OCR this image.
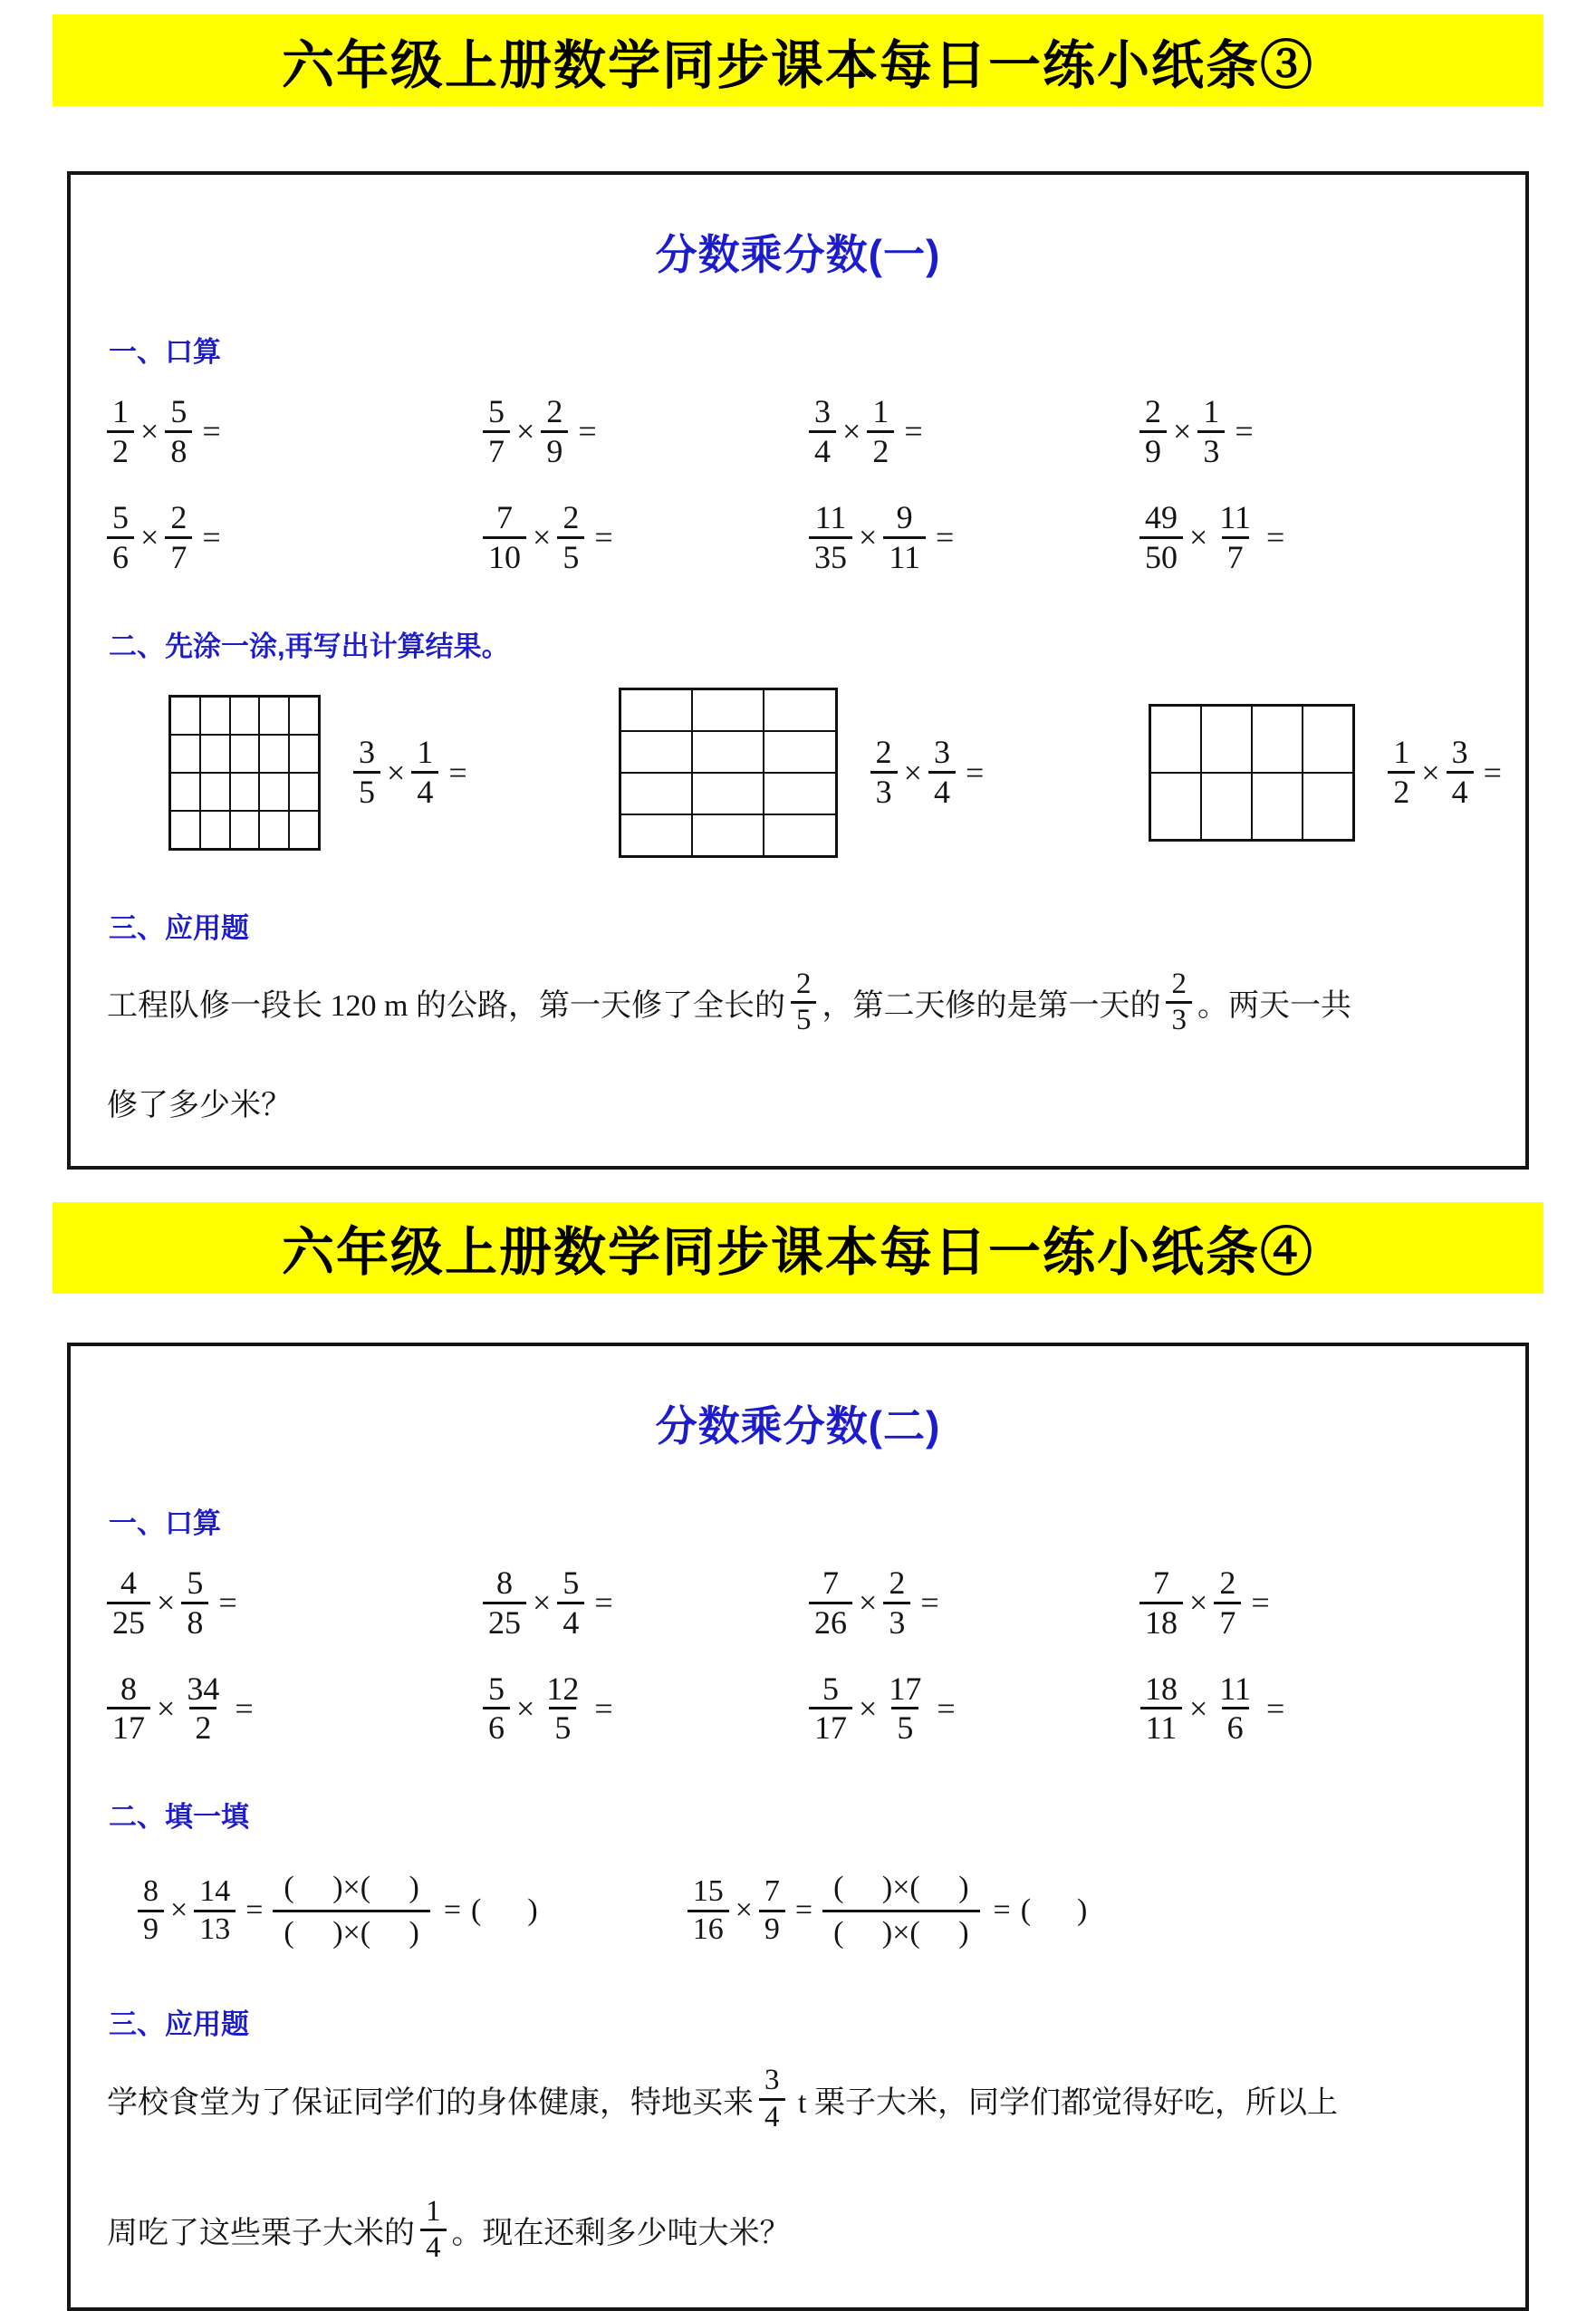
六年级上册数学同步课本每日一练小纸条③
分数乘分数(一)
一、口算
$\frac{1}{2} \times \frac{5}{8}$ =	$\frac{5}{7} \times \frac{2}{9}$ =	$\frac{3}{4} \times \frac{1}{2}$ =	$\frac{2}{9} \times \frac{1}{3}$ =
$\frac{5}{6} \times \frac{2}{7}$ =	$\frac{7}{10} \times \frac{2}{5}$ =	$\frac{11}{35} \times \frac{9}{11}$ =	$\frac{49}{50} \times \frac{11}{7}$ =
二、先涂一涂,再写出计算结果。
$\frac{3}{5} \times \frac{1}{4}$ =	$\frac{2}{3} \times \frac{3}{4}$ =	$\frac{1}{2} \times \frac{3}{4}$ =
三、应用题
工程队修一段长 120 m 的公路，第一天修了全长的 $\frac{2}{5}$ ，第二天修的是第一天的 $\frac{2}{3}$ 。两天一共
修了多少米？
六年级上册数学同步课本每日一练小纸条④
分数乘分数(二)
一、口算
$\frac{4}{25} \times \frac{5}{8}$ =	$\frac{8}{25} \times \frac{5}{4}$ =	$\frac{7}{26} \times \frac{2}{3}$ =	$\frac{7}{18} \times \frac{2}{7}$ =
$\frac{8}{17} \times \frac{34}{2}$ =	$\frac{5}{6} \times \frac{12}{5}$ =	$\frac{5}{17} \times \frac{17}{5}$ =	$\frac{18}{11} \times \frac{11}{6}$ =
二、填一填
$\frac{8}{9} \times \frac{14}{13}$ =
(     )×(     )
(     )×(     )
= (      )	$\frac{15}{16} \times \frac{7}{9}$ =
(     )×(     )
(     )×(     )
= (      )
三、应用题
学校食堂为了保证同学们的身体健康，特地买来 $\frac{3}{4}$ t 栗子大米，同学们都觉得好吃，所以上
周吃了这些栗子大米的 $\frac{1}{4}$ 。现在还剩多少吨大米？
